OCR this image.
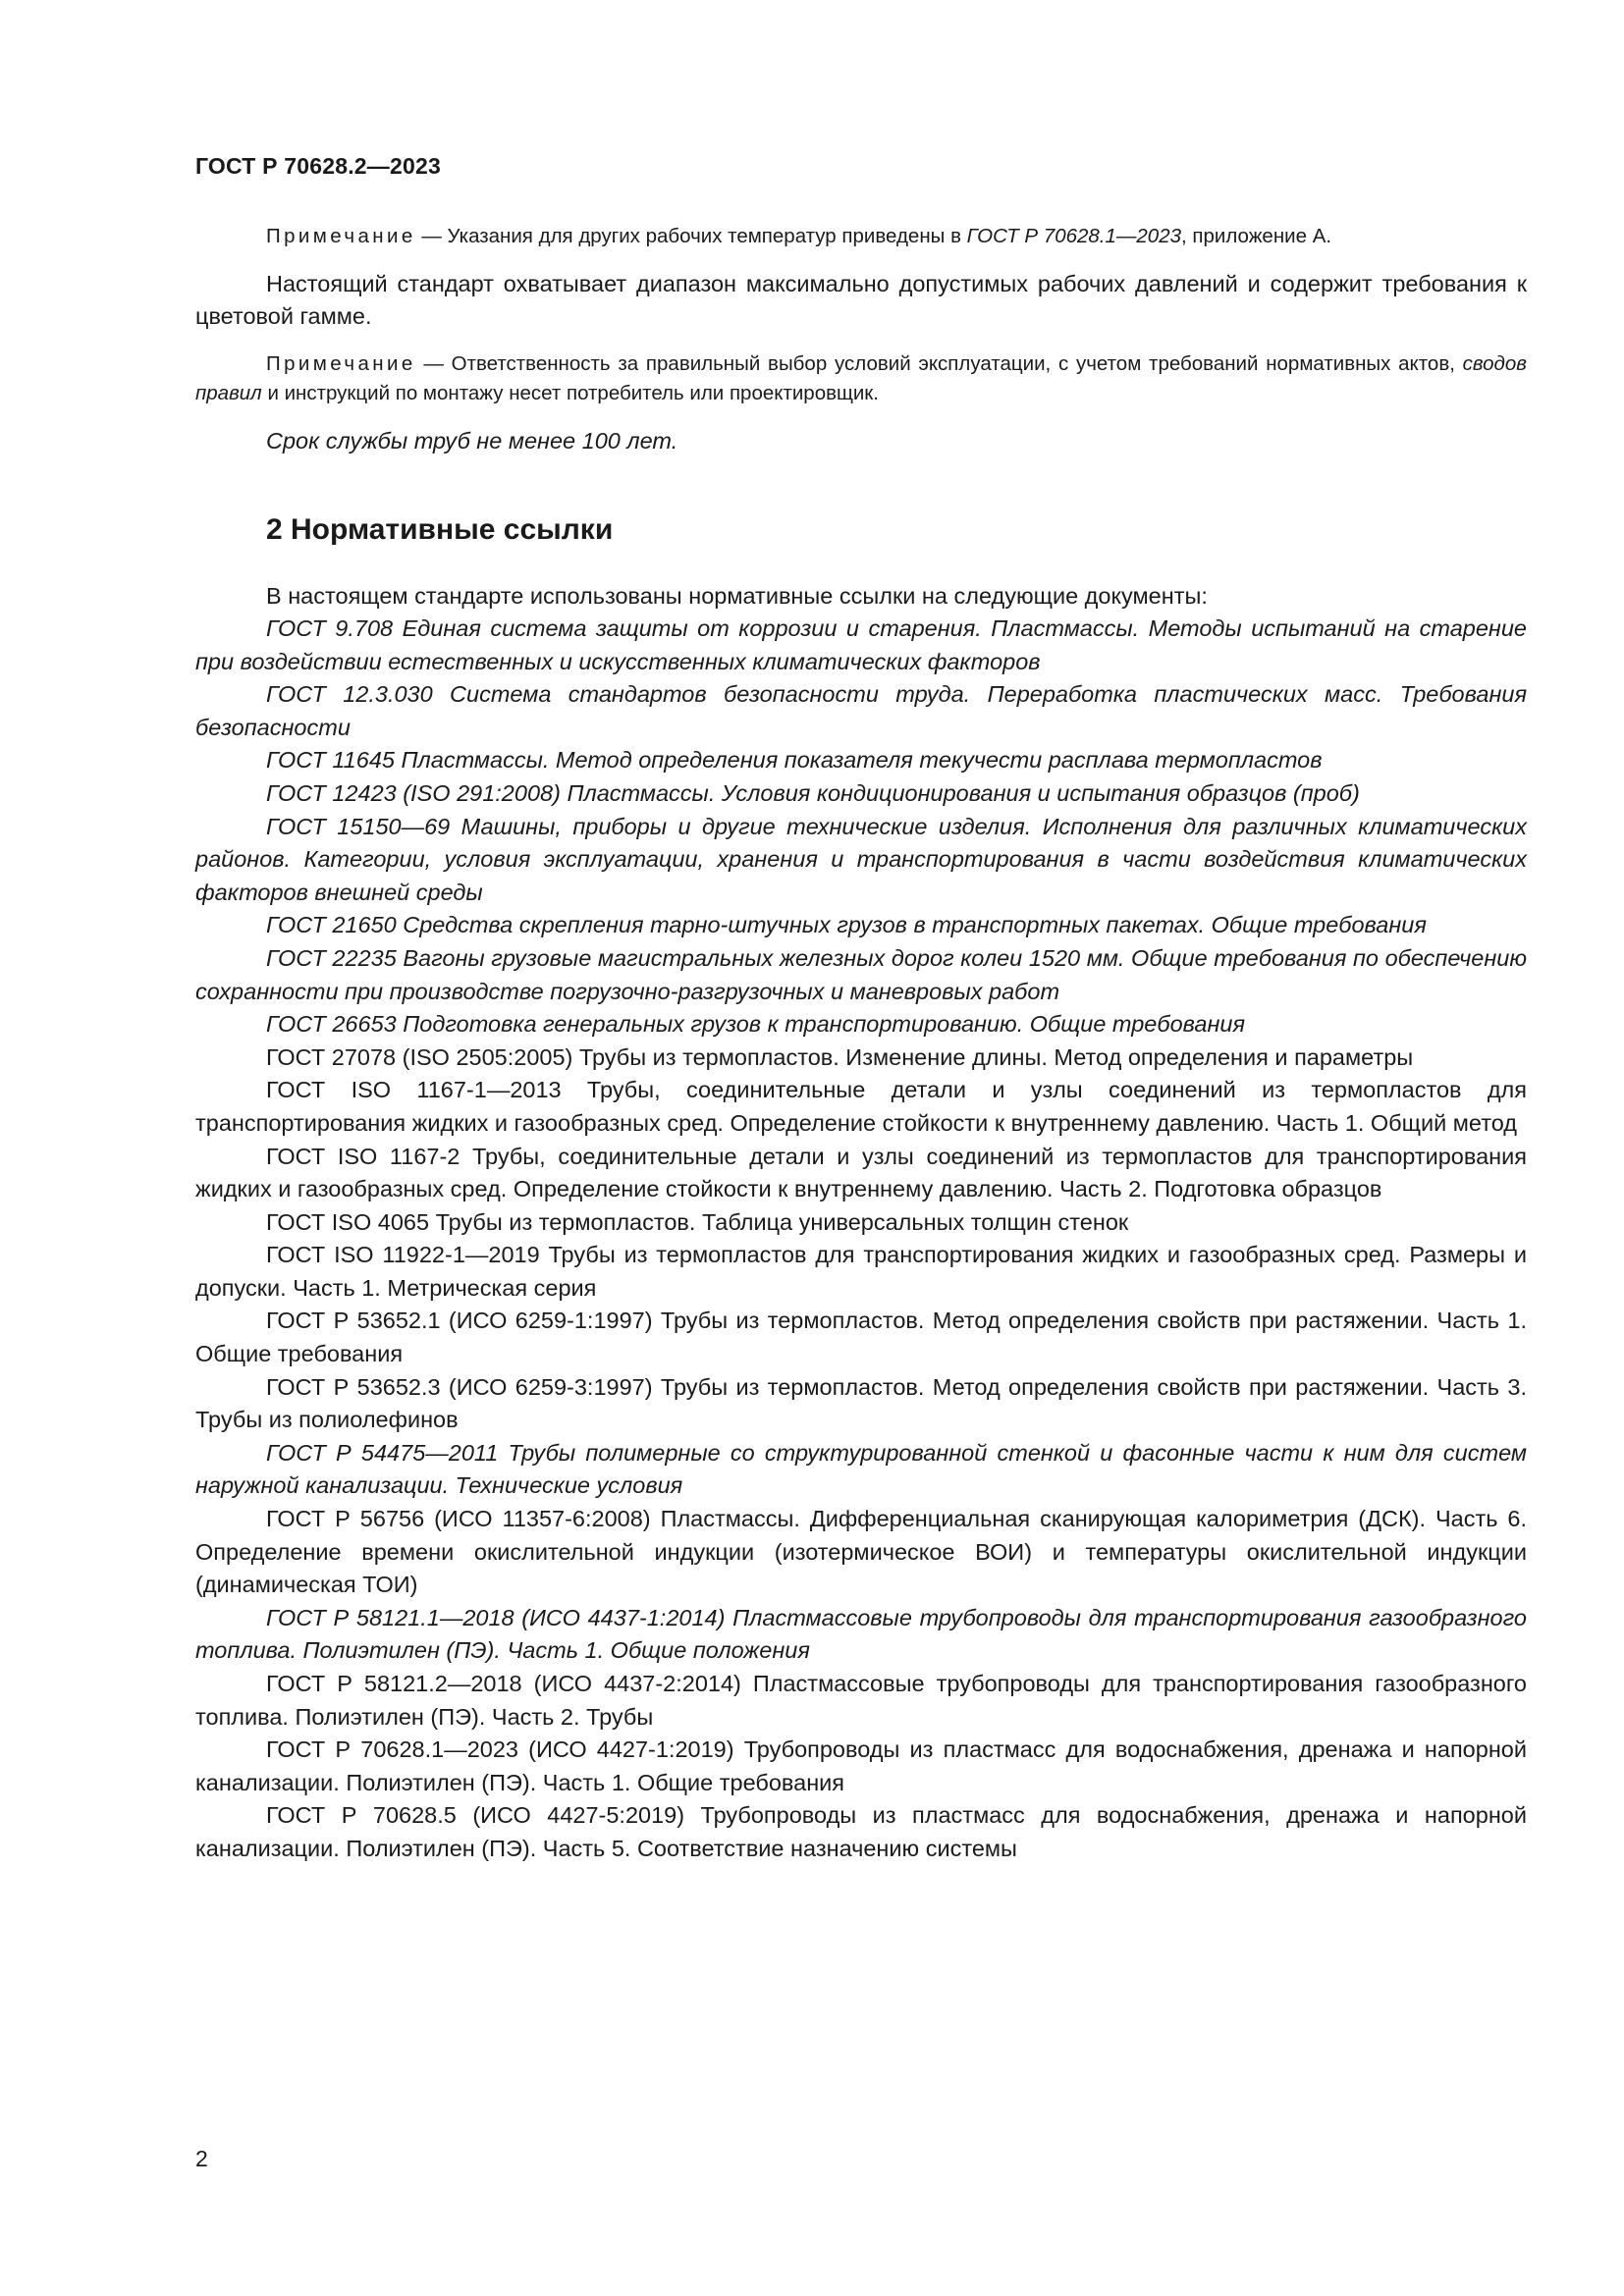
ГОСТ Р 70628.2—2023

Примечание — Указания для других рабочих температур приведены в ГОСТ Р 70628.1—2023, приложение А.

Настоящий стандарт охватывает диапазон максимально допустимых рабочих давлений и содержит требования к цветовой гамме.

Примечание — Ответственность за правильный выбор условий эксплуатации, с учетом требований нормативных актов, сводов правил и инструкций по монтажу несет потребитель или проектировщик.

Срок службы труб не менее 100 лет.

2 Нормативные ссылки

В настоящем стандарте использованы нормативные ссылки на следующие документы:

ГОСТ 9.708 Единая система защиты от коррозии и старения. Пластмассы. Методы испытаний на старение при воздействии естественных и искусственных климатических факторов

ГОСТ 12.3.030 Система стандартов безопасности труда. Переработка пластических масс. Требования безопасности

ГОСТ 11645 Пластмассы. Метод определения показателя текучести расплава термопластов

ГОСТ 12423 (ISO 291:2008) Пластмассы. Условия кондиционирования и испытания образцов (проб)

ГОСТ 15150—69 Машины, приборы и другие технические изделия. Исполнения для различных климатических районов. Категории, условия эксплуатации, хранения и транспортирования в части воздействия климатических факторов внешней среды

ГОСТ 21650 Средства скрепления тарно-штучных грузов в транспортных пакетах. Общие требования

ГОСТ 22235 Вагоны грузовые магистральных железных дорог колеи 1520 мм. Общие требования по обеспечению сохранности при производстве погрузочно-разгрузочных и маневровых работ

ГОСТ 26653 Подготовка генеральных грузов к транспортированию. Общие требования

ГОСТ 27078 (ISO 2505:2005) Трубы из термопластов. Изменение длины. Метод определения и параметры

ГОСТ ISO 1167-1—2013 Трубы, соединительные детали и узлы соединений из термопластов для транспортирования жидких и газообразных сред. Определение стойкости к внутреннему давлению. Часть 1. Общий метод

ГОСТ ISO 1167-2 Трубы, соединительные детали и узлы соединений из термопластов для транспортирования жидких и газообразных сред. Определение стойкости к внутреннему давлению. Часть 2. Подготовка образцов

ГОСТ ISO 4065 Трубы из термопластов. Таблица универсальных толщин стенок

ГОСТ ISO 11922-1—2019 Трубы из термопластов для транспортирования жидких и газообразных сред. Размеры и допуски. Часть 1. Метрическая серия

ГОСТ Р 53652.1 (ИСО 6259-1:1997) Трубы из термопластов. Метод определения свойств при растяжении. Часть 1. Общие требования

ГОСТ Р 53652.3 (ИСО 6259-3:1997) Трубы из термопластов. Метод определения свойств при растяжении. Часть 3. Трубы из полиолефинов

ГОСТ Р 54475—2011 Трубы полимерные со структурированной стенкой и фасонные части к ним для систем наружной канализации. Технические условия

ГОСТ Р 56756 (ИСО 11357-6:2008) Пластмассы. Дифференциальная сканирующая калориметрия (ДСК). Часть 6. Определение времени окислительной индукции (изотермическое ВОИ) и температуры окислительной индукции (динамическая ТОИ)

ГОСТ Р 58121.1—2018 (ИСО 4437-1:2014) Пластмассовые трубопроводы для транспортирования газообразного топлива. Полиэтилен (ПЭ). Часть 1. Общие положения

ГОСТ Р 58121.2—2018 (ИСО 4437-2:2014) Пластмассовые трубопроводы для транспортирования газообразного топлива. Полиэтилен (ПЭ). Часть 2. Трубы

ГОСТ Р 70628.1—2023 (ИСО 4427-1:2019) Трубопроводы из пластмасс для водоснабжения, дренажа и напорной канализации. Полиэтилен (ПЭ). Часть 1. Общие требования

ГОСТ Р 70628.5 (ИСО 4427-5:2019) Трубопроводы из пластмасс для водоснабжения, дренажа и напорной канализации. Полиэтилен (ПЭ). Часть 5. Соответствие назначению системы

2
